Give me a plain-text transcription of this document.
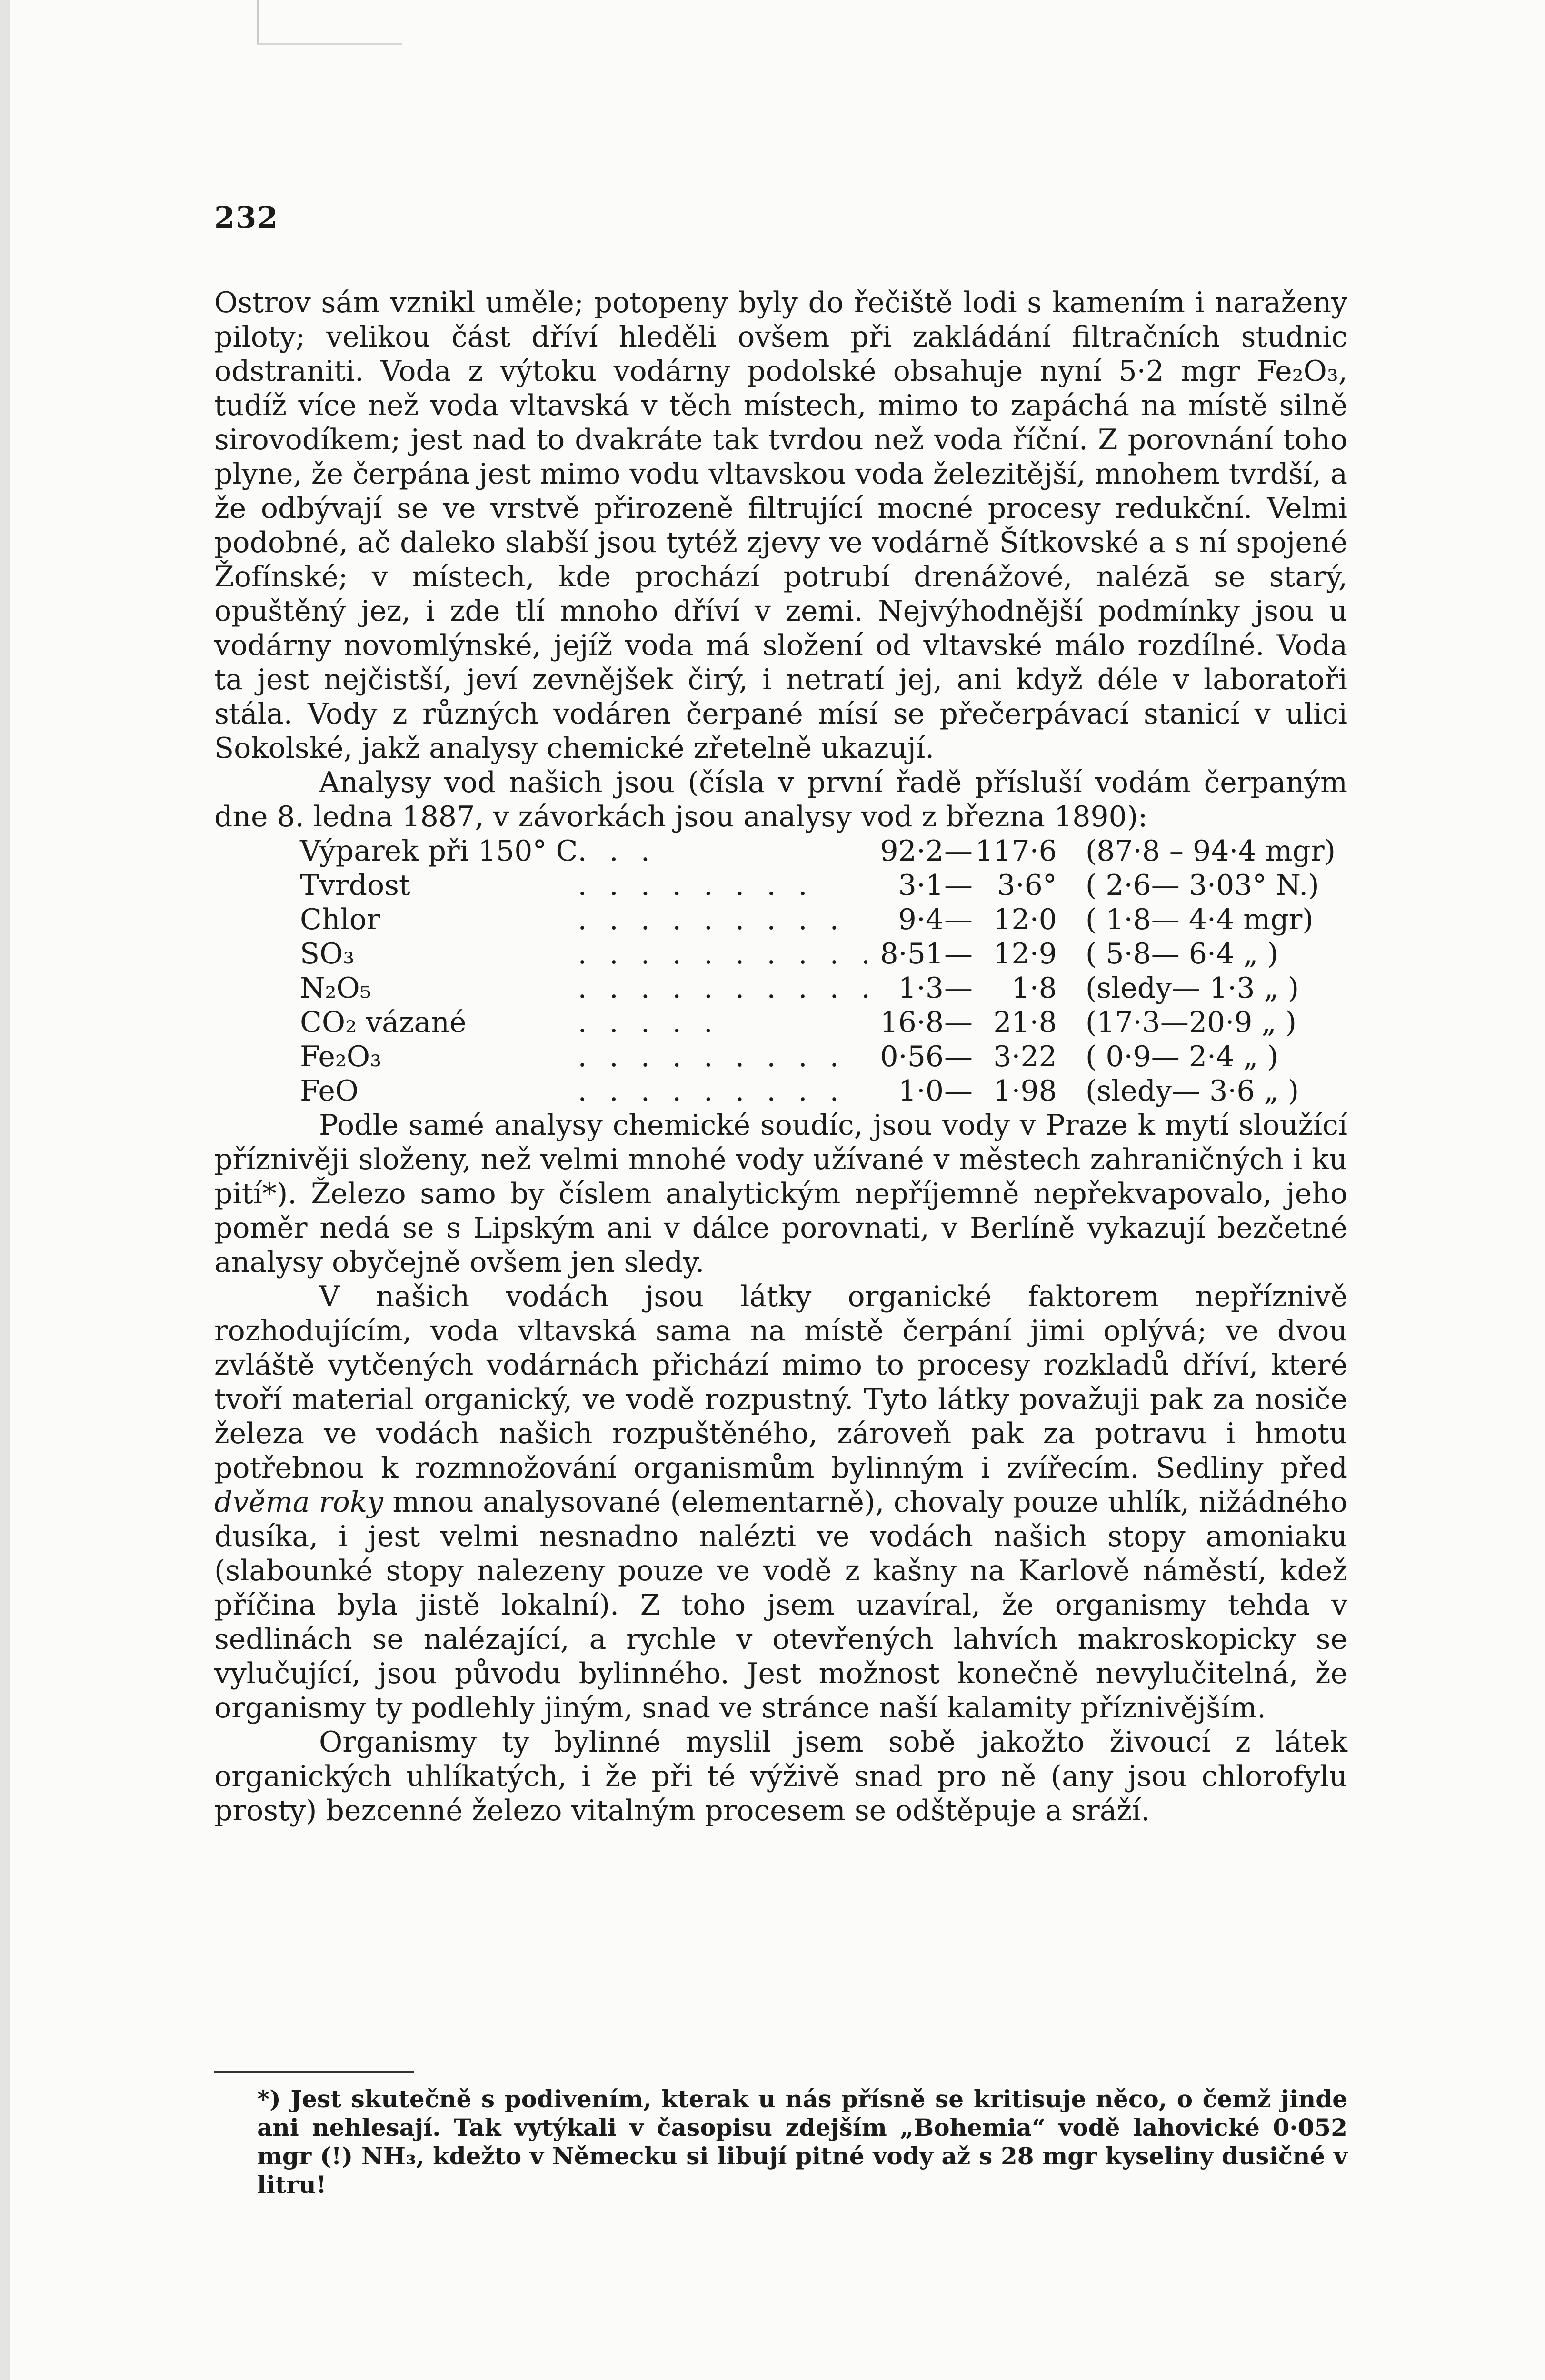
232

Ostrov sám vznikl uměle; potopeny byly do řečiště lodi s kamením i naraženy piloty; velikou část dříví hleděli ovšem při zakládání filtračních studnic odstraniti. Voda z výtoku vodárny podolské obsahuje nyní 5·2 mgr Fe₂O₃, tudíž více než voda vltavská v těch místech, mimo to zapáchá na místě silně sirovodíkem; jest nad to dvakráte tak tvrdou než voda říční. Z porovnání toho plyne, že čerpána jest mimo vodu vltavskou voda železitější, mnohem tvrdší, a že odbývají se ve vrstvě přirozeně filtrující mocné procesy redukční. Velmi podobné, ač daleko slabší jsou tytéž zjevy ve vodárně Šítkovské a s ní spojené Žofínské; v místech, kde prochází potrubí drenážové, naléză se starý, opuštěný jez, i zde tlí mnoho dříví v zemi. Nejvýhodnější podmínky jsou u vodárny novomlýnské, jejíž voda má složení od vltavské málo rozdílné. Voda ta jest nejčistší, jeví zevnějšek čirý, i netratí jej, ani když déle v laboratoři stála. Vody z různých vodáren čerpané mísí se přečerpávací stanicí v ulici Sokolské, jakž analysy chemické zřetelně ukazují.

Analysy vod našich jsou (čísla v první řadě přísluší vodám čerpaným dne 8. ledna 1887, v závorkách jsou analysy vod z března 1890):

Výparek při 150° C	. . .	92·2	—	117·6	(87·8 – 94·4 mgr)
Tvrdost	. . . . . . . .	3·1	—	3·6°	( 2·6— 3·03° N.)
Chlor	. . . . . . . . .	9·4	—	12·0	( 1·8— 4·4 mgr)
SO₃	. . . . . . . . . .	8·51	—	12·9	( 5·8— 6·4 „ )
N₂O₅	. . . . . . . . . .	1·3	—	1·8	(sledy— 1·3 „ )
CO₂ vázané	. . . . .	16·8	—	21·8	(17·3—20·9 „ )
Fe₂O₃	. . . . . . . . .	0·56	—	3·22	( 0·9— 2·4 „ )
FeO	. . . . . . . . .	1·0	—	1·98	(sledy— 3·6 „ )

Podle samé analysy chemické soudíc, jsou vody v Praze k mytí sloužící příznivěji složeny, než velmi mnohé vody užívané v městech zahraničných i ku pití*). Železo samo by číslem analytickým nepříjemně nepřekvapovalo, jeho poměr nedá se s Lipským ani v dálce porovnati, v Berlíně vykazují bezčetné analysy obyčejně ovšem jen sledy.

V našich vodách jsou látky organické faktorem nepříznivě rozhodujícím, voda vltavská sama na místě čerpání jimi oplývá; ve dvou zvláště vytčených vodárnách přichází mimo to procesy rozkladů dříví, které tvoří material organický, ve vodě rozpustný. Tyto látky považuji pak za nosiče železa ve vodách našich rozpuštěného, zároveň pak za potravu i hmotu potřebnou k rozmnožování organismům bylinným i zvířecím. Sedliny před dvěma roky mnou analysované (elementarně), chovaly pouze uhlík, nižádného dusíka, i jest velmi nesnadno nalézti ve vodách našich stopy amoniaku (slabounké stopy nalezeny pouze ve vodě z kašny na Karlově náměstí, kdež příčina byla jistě lokalní). Z toho jsem uzavíral, že organismy tehda v sedlinách se nalézající, a rychle v otevřených lahvích makroskopicky se vylučující, jsou původu bylinného. Jest možnost konečně nevylučitelná, že organismy ty podlehly jiným, snad ve stránce naší kalamity příznivějším.

Organismy ty bylinné myslil jsem sobě jakožto živoucí z látek organických uhlíkatých, i že při té výživě snad pro ně (any jsou chlorofylu prosty) bezcenné železo vitalným procesem se odštěpuje a sráží.

*) Jest skutečně s podivením, kterak u nás přísně se kritisuje něco, o čemž jinde ani nehlesají. Tak vytýkali v časopisu zdejším „Bohemia“ vodě lahovické 0·052 mgr (!) NH₃, kdežto v Německu si libují pitné vody až s 28 mgr kyseliny dusičné v litru!
